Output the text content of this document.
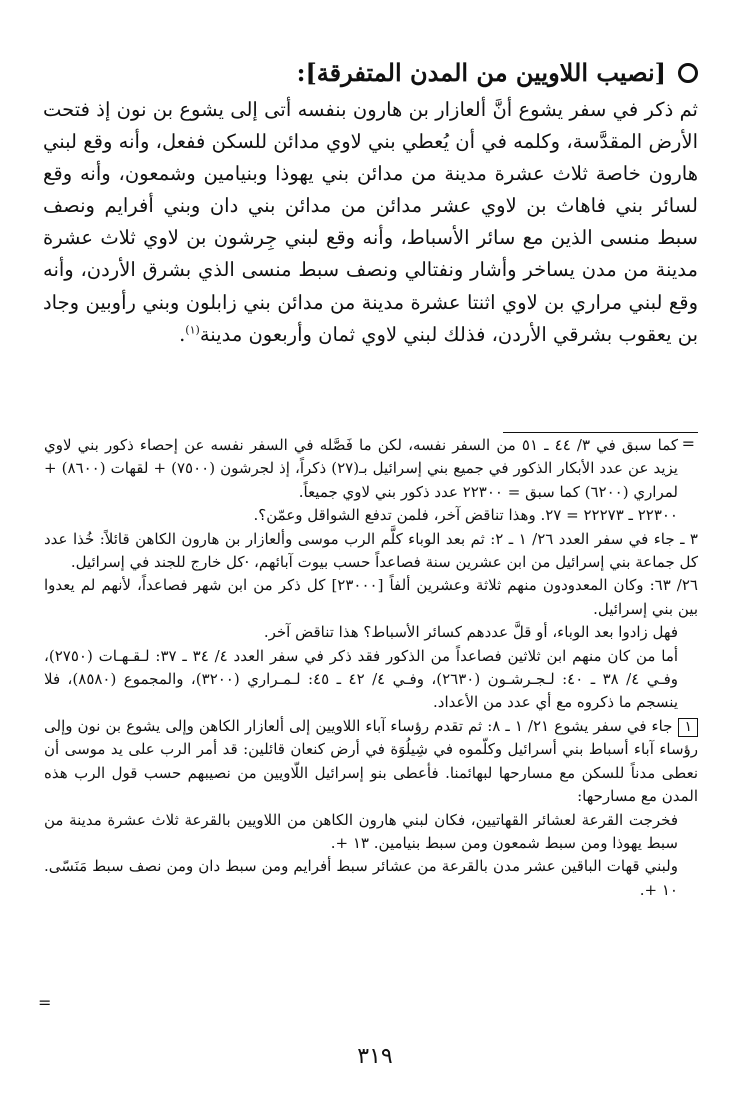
[نصيب اللاويين من المدن المتفرقة]:
ثم ذكر في سفر يشوع أنَّ ألعازار بن هارون بنفسه أتى إلى يشوع بن نون إذ فتحت الأرض المقدَّسة، وكلمه في أن يُعطي بني لاوي مدائن للسكن ففعل، وأنه وقع لبني هارون خاصة ثلاث عشرة مدينة من مدائن بني يهوذا وبنيامين وشمعون، وأنه وقع لسائر بني فاهاث بن لاوي عشر مدائن من مدائن بني دان وبني أفرايم ونصف سبط منسى الذين مع سائر الأسباط، وأنه وقع لبني جِرشون بن لاوي ثلاث عشرة مدينة من مدن يساخر وأشار ونفتالي ونصف سبط منسى الذي بشرق الأردن، وأنه وقع لبني مراري بن لاوي اثنتا عشرة مدينة من مدائن بني زابلون وبني رأوبين وجاد بن يعقوب بشرقي الأردن، فذلك لبني لاوي ثمان وأربعون مدينة$^{(١)}$.
=

كما سبق في ٣/ ٤٤ ـ ٥١ من السفر نفسه، لكن ما فَصَّله في السفر نفسه عن إحصاء ذكور بني لاوي يزيد عن عدد الأبكار الذكور في جميع بني إسرائيل بـ(٢٧) ذكراً، إذ لجرشون (٧٥٠٠) + لقهات (٨٦٠٠) + لمراري (٦٢٠٠) كما سبق = ٢٢٣٠٠ عدد ذكور بني لاوي جميعاً.

٢٢٣٠٠ ـ ٢٢٢٧٣ = ٢٧. وهذا تناقض آخر، فلمن تدفع الشواقل وعمّن؟.

٣ ـ جاء في سفر العدد ٢٦/ ١ ـ ٢: ثم بعد الوباء كلَّم الرب موسى وألعازار بن هارون الكاهن قائلاً: خُذا عدد كل جماعة بني إسرائيل من ابن عشرين سنة فصاعداً حسب بيوت آبائهم، ·كل خارج للجند في إسرائيل.

٢٦/ ٦٣: وكان المعدودون منهم ثلاثة وعشرين ألفاً [٢٣٠٠٠] كل ذكر من ابن شهر فصاعداً، لأنهم لم يعدوا بين بني إسرائيل.

فهل زادوا بعد الوباء، أو قلَّ عددهم كسائر الأسباط؟ هذا تناقض آخر.

أما من كان منهم ابن ثلاثين فصاعداً من الذكور فقد ذكر في سفر العدد ٤/ ٣٤ ـ ٣٧: لـقـهـات (٢٧٥٠)، وفـي ٤/ ٣٨ ـ ٤٠: لـجـرشـون (٢٦٣٠)، وفـي ٤/ ٤٢ ـ ٤٥: لـمـراري (٣٢٠٠)، والمجموع (٨٥٨٠)، فلا ينسجم ما ذكروه مع أي عدد من الأعداد.

١جاء في سفر يشوع ٢١/ ١ ـ ٨: ثم تقدم رؤساء آباء اللاويين إلى ألعازار الكاهن وإلى يشوع بن نون وإلى رؤساء آباء أسباط بني أسرائيل وكلّموه في شِيلُوَة في أرض كنعان قائلين: قد أمر الرب على يد موسى أن نعطى مدناً للسكن مع مسارحها لبهائمنا. فأعطى بنو إسرائيل اللّاويين من نصيبهم حسب قول الرب هذه المدن مع مسارحها:

فخرجت القرعة لعشائر القهاتيين، فكان لبني هارون الكاهن من اللاويين بالقرعة ثلاث عشرة مدينة من سبط يهوذا ومن سبط شمعون ومن سبط بنيامين. ١٣ +.

ولبني قهات الباقين عشر مدن بالقرعة من عشائر سبط أفرايم ومن سبط دان ومن نصف سبط مَنَسّى. ١٠ +.

=
٣١٩
